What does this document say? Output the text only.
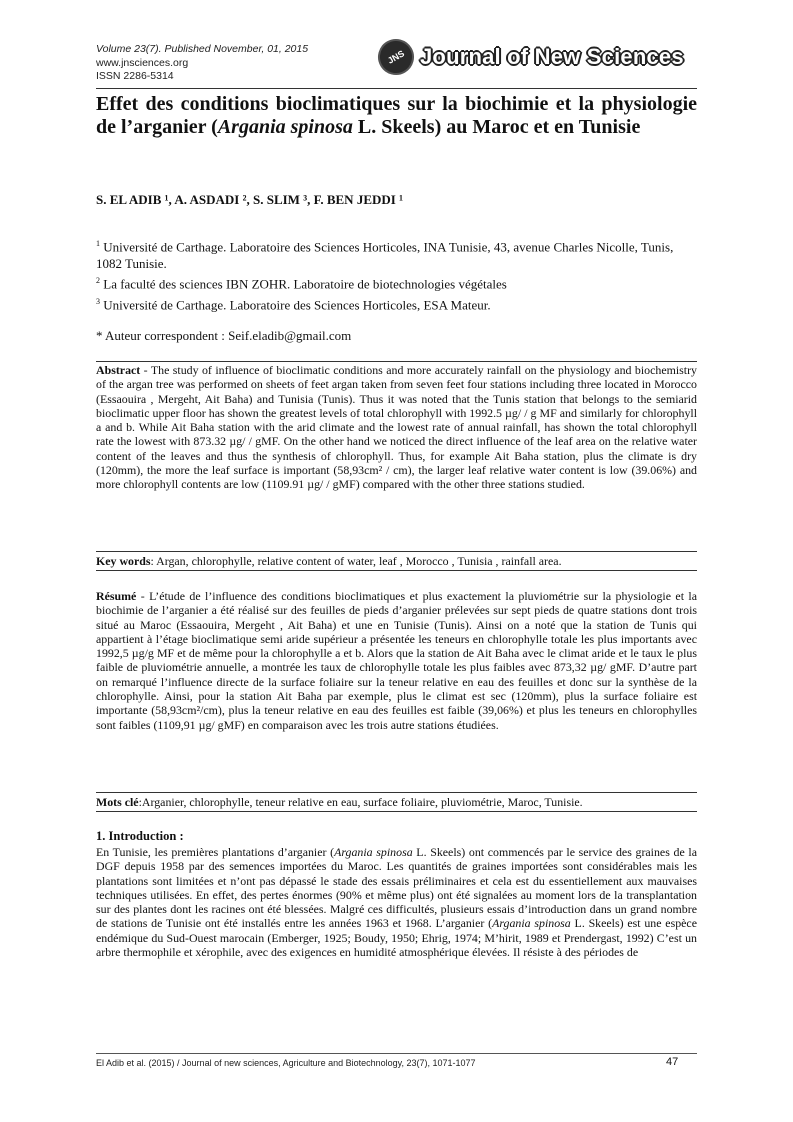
Volume 23(7). Published November, 01, 2015
www.jnsciences.org
ISSN 2286-5314
JNS Journal of New Sciences
Effet des conditions bioclimatiques sur la biochimie et la physiologie de l’arganier (Argania spinosa L. Skeels) au Maroc et en Tunisie
S. EL ADIB ¹, A. ASDADI ², S. SLIM ³, F. BEN JEDDI ¹

$^1$ Université de Carthage. Laboratoire des Sciences Horticoles, INA Tunisie, 43, avenue Charles Nicolle, Tunis, 1082 Tunisie.

$^2$ La faculté des sciences IBN ZOHR. Laboratoire de biotechnologies végétales

$^3$ Université de Carthage. Laboratoire des Sciences Horticoles, ESA Mateur.

* Auteur correspondent : Seif.eladib@gmail.com

Abstract - The study of influence of bioclimatic conditions and more accurately rainfall on the physiology and biochemistry of the argan tree was performed on sheets of feet argan taken from seven feet four stations including three located in Morocco (Essaouira , Mergeht, Ait Baha) and Tunisia (Tunis). Thus it was noted that the Tunis station that belongs to the semiarid bioclimatic upper floor has shown the greatest levels of total chlorophyll with 1992.5 µg/ / g MF and similarly for chlorophyll a and b. While Ait Baha station with the arid climate and the lowest rate of annual rainfall, has shown the total chlorophyll rate the lowest with 873.32 µg/ / gMF. On the other hand we noticed the direct influence of the leaf area on the relative water content of the leaves and thus the synthesis of chlorophyll. Thus, for example Ait Baha station, plus the climate is dry (120mm), the more the leaf surface is important (58,93cm² / cm), the larger leaf relative water content is low (39.06%) and more chlorophyll contents are low (1109.91 µg/ / gMF) compared with the other three stations studied.

Key words: Argan, chlorophylle, relative content of water, leaf , Morocco , Tunisia , rainfall area.

Résumé - L’étude de l’influence des conditions bioclimatiques et plus exactement la pluviométrie sur la physiologie et la biochimie de l’arganier a été réalisé sur des feuilles de pieds d’arganier prélevées sur sept pieds de quatre stations dont trois situé au Maroc (Essaouira, Mergeht , Ait Baha) et une en Tunisie (Tunis). Ainsi on a noté que la station de Tunis qui appartient à l’étage bioclimatique semi aride supérieur a présentée les teneurs en chlorophylle totale les plus importants avec 1992,5 µg/g MF et de même pour la chlorophylle a et b. Alors que la station de Ait Baha avec le climat aride et le taux le plus faible de pluviométrie annuelle, a montrée les taux de chlorophylle totale les plus faibles avec 873,32 µg/ gMF. D’autre part on remarqué l’influence directe de la surface foliaire sur la teneur relative en eau des feuilles et donc sur la synthèse de la chlorophylle. Ainsi, pour la station Ait Baha par exemple, plus le climat est sec (120mm), plus la surface foliaire est importante (58,93cm²/cm), plus la teneur relative en eau des feuilles est faible (39,06%) et plus les teneurs en chlorophylles sont faibles (1109,91 µg/ gMF) en comparaison avec les trois autre stations étudiées.

Mots clé:Arganier, chlorophylle, teneur relative en eau, surface foliaire, pluviométrie, Maroc, Tunisie.

1. Introduction :

En Tunisie, les premières plantations d’arganier (Argania spinosa L. Skeels) ont commencés par le service des graines de la DGF depuis 1958 par des semences importées du Maroc. Les quantités de graines importées sont considérables mais les plantations sont limitées et n’ont pas dépassé le stade des essais préliminaires et cela est du essentiellement aux mauvaises techniques utilisées. En effet, des pertes énormes (90% et même plus) ont été signalées au moment lors de la transplantation sur des plantes dont les racines ont été blessées. Malgré ces difficultés, plusieurs essais d’introduction dans un grand nombre de stations de Tunisie ont été installés entre les années 1963 et 1968. L’arganier (Argania spinosa L. Skeels) est une espèce endémique du Sud-Ouest marocain (Emberger, 1925; Boudy, 1950; Ehrig, 1974; M’hirit, 1989 et Prendergast, 1992) C’est un arbre thermophile et xérophile, avec des exigences en humidité atmosphérique élevées. Il résiste à des périodes de

El Adib et al. (2015) / Journal of new sciences, Agriculture and Biotechnology, 23(7), 1071-1077	47
